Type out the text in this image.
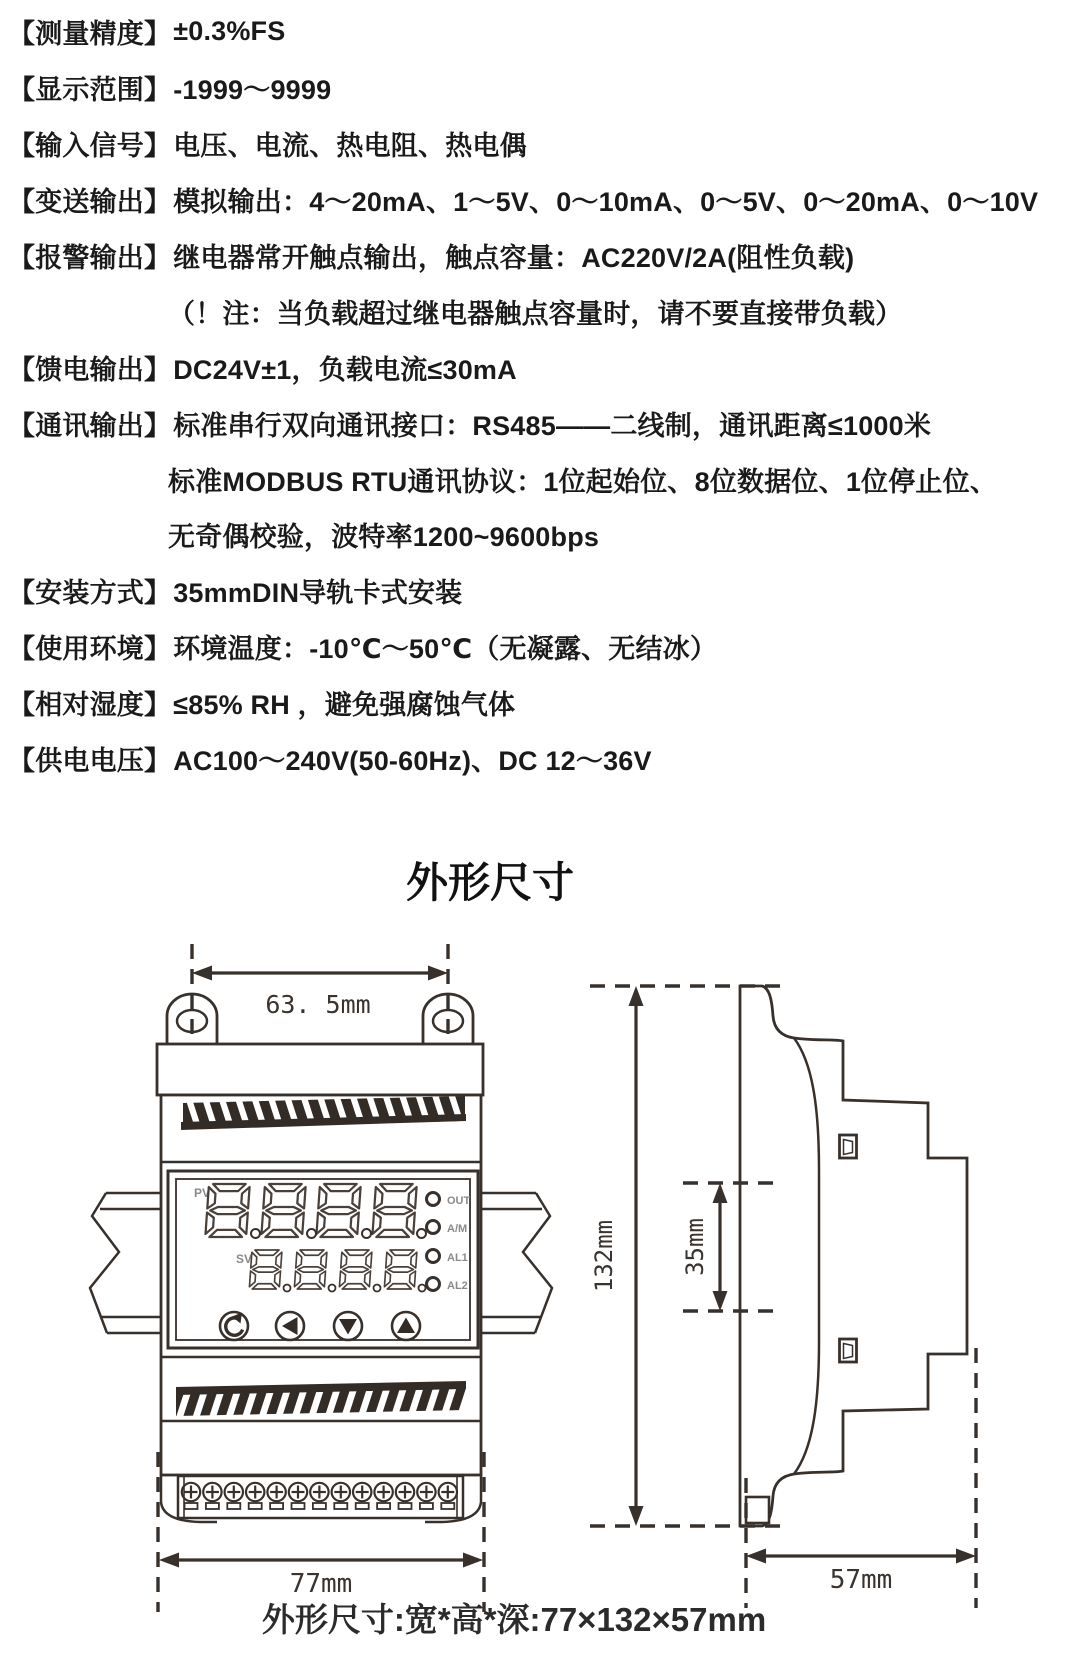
【测量精度】 ±0.3%FS
【显示范围】 -1999～9999
【输入信号】 电压、电流、热电阻、热电偶
【变送输出】 模拟输出：4～20mA、1～5V、0～10mA、0～5V、0～20mA、0～10V
【报警输出】 继电器常开触点输出，触点容量：AC220V/2A(阻性负载)
（！注：当负载超过继电器触点容量时，请不要直接带负载）
【馈电输出】 DC24V±1，负载电流≤30mA
【通讯输出】 标准串行双向通讯接口：RS485——二线制，通讯距离≤1000米
标准MODBUS RTU通讯协议：1位起始位、8位数据位、1位停止位、
无奇偶校验，波特率1200~9600bps
【安装方式】 35mmDIN导轨卡式安装
【使用环境】 环境温度：-10℃～50℃（无凝露、无结冰）
【相对湿度】 ≤85% RH ，避免强腐蚀气体
【供电电压】 AC100～240V(50-60Hz)、DC 12～36V
外形尺寸
63. 5mm
PV
SV
OUT
A/M
AL1
AL2
77mm
132mm	35mm
57mm
外形尺寸:宽*高*深:77×132×57mm
